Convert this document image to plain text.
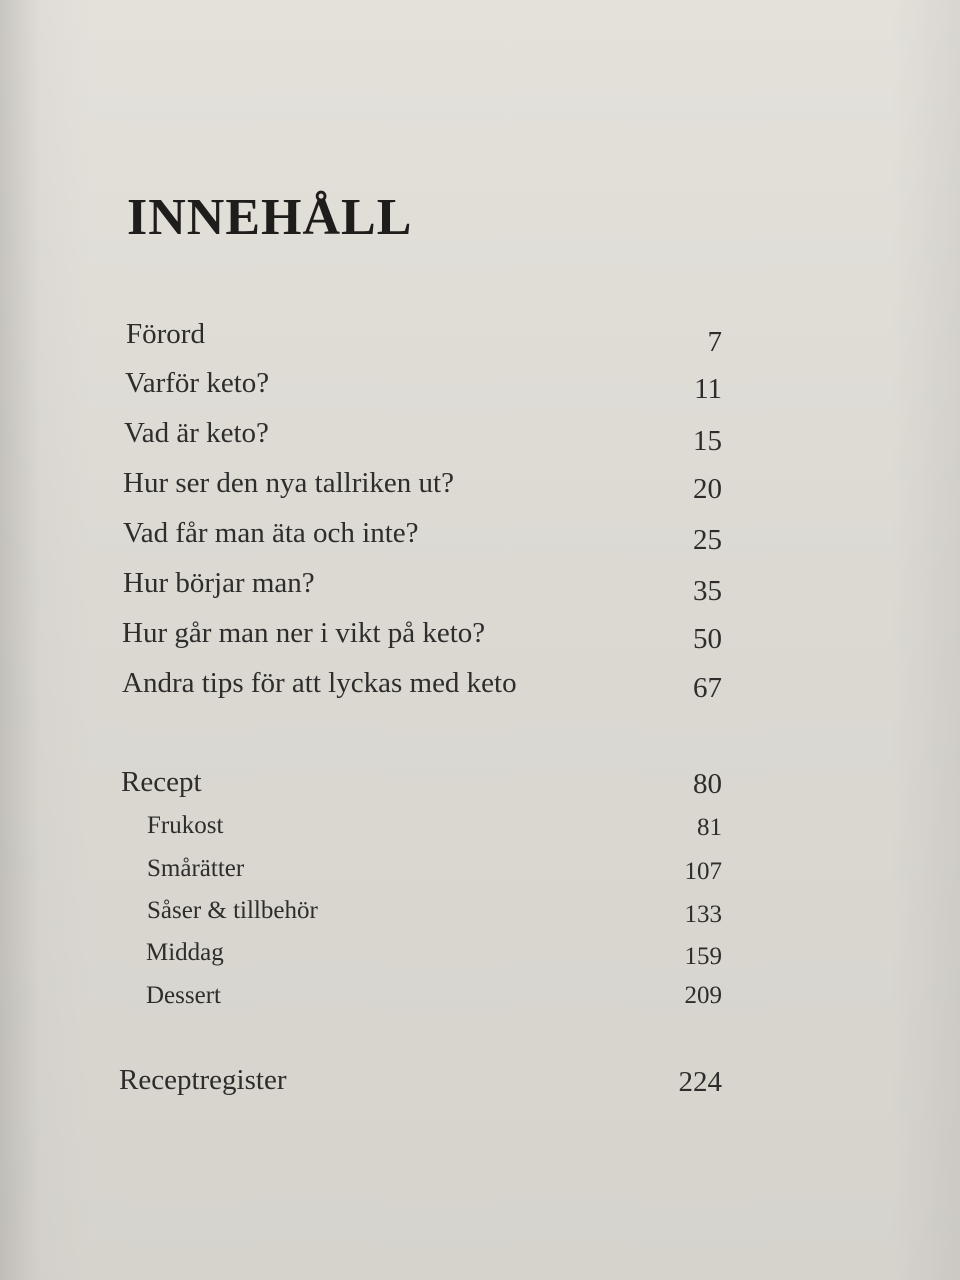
INNEHÅLL
Förord	7
Varför keto?	11
Vad är keto?	15
Hur ser den nya tallriken ut?	20
Vad får man äta och inte?	25
Hur börjar man?	35
Hur går man ner i vikt på keto?	50
Andra tips för att lyckas med keto	67
Recept	80
Frukost	81
Smårätter	107
Såser & tillbehör	133
Middag	159
Dessert	209
Receptregister	224
